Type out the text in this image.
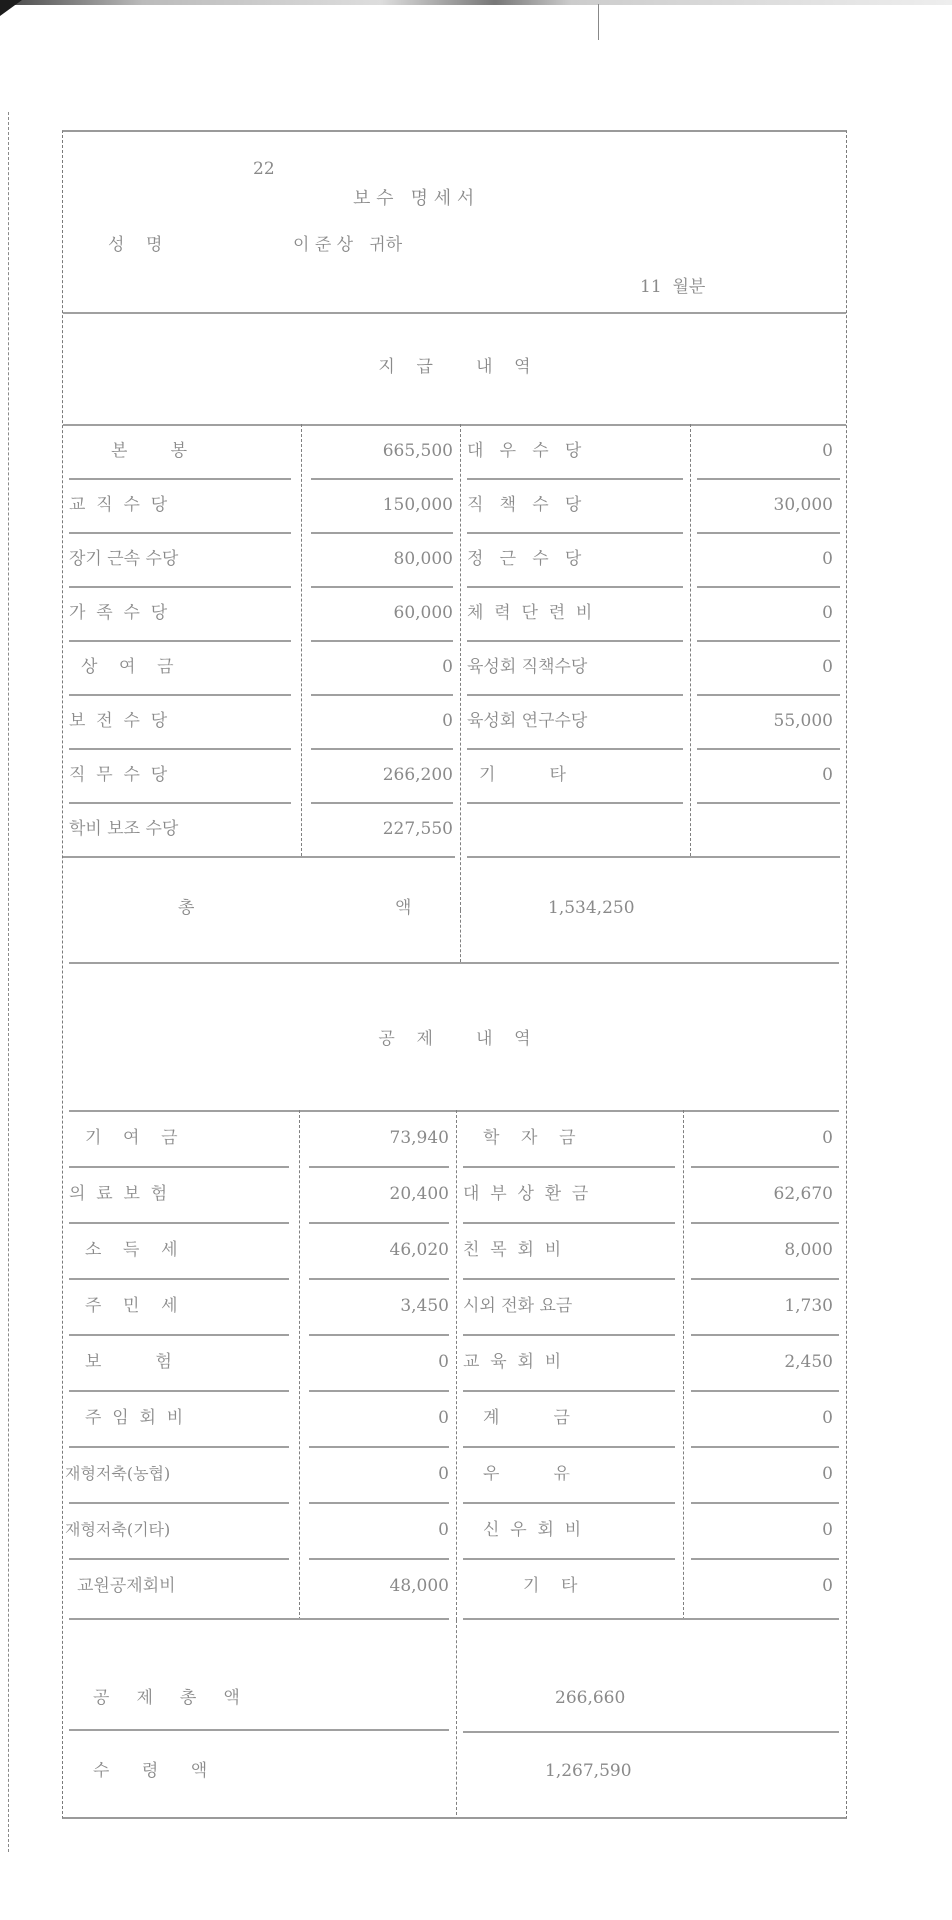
22
보 수   명 세 서
성    명	이 준 상   귀하
11  월분
지    급        내    역
본        봉	665,500 대   우   수   당	0
교  직  수  당	150,000 직   책   수   당	30,000
장기 근속 수당	80,000 정   근   수   당	0
가  족  수  당	60,000 체  력  단  련  비	0
상    여    금	0 육성회 직책수당	0
보  전  수  당	0 육성회 연구수당	55,000
직  무  수  당	266,200 기          타	0
학비 보조 수당	227,550
총	액	1,534,250
공    제        내    역
기    여    금	73,940 학    자    금	0
의  료  보  험	20,400 대  부  상  환  금	62,670
소    득    세	46,020 친  목  회  비	8,000
주    민    세	3,450 시외 전화 요금	1,730
보          험	0 교  육  회  비	2,450
주  임  회  비	0 계          금	0
재형저축(농협)	0 우          유	0
재형저축(기타)	0 신  우  회  비	0
교원공제회비	48,000	기    타	0
공     제     총     액	266,660
수      령      액	1,267,590
